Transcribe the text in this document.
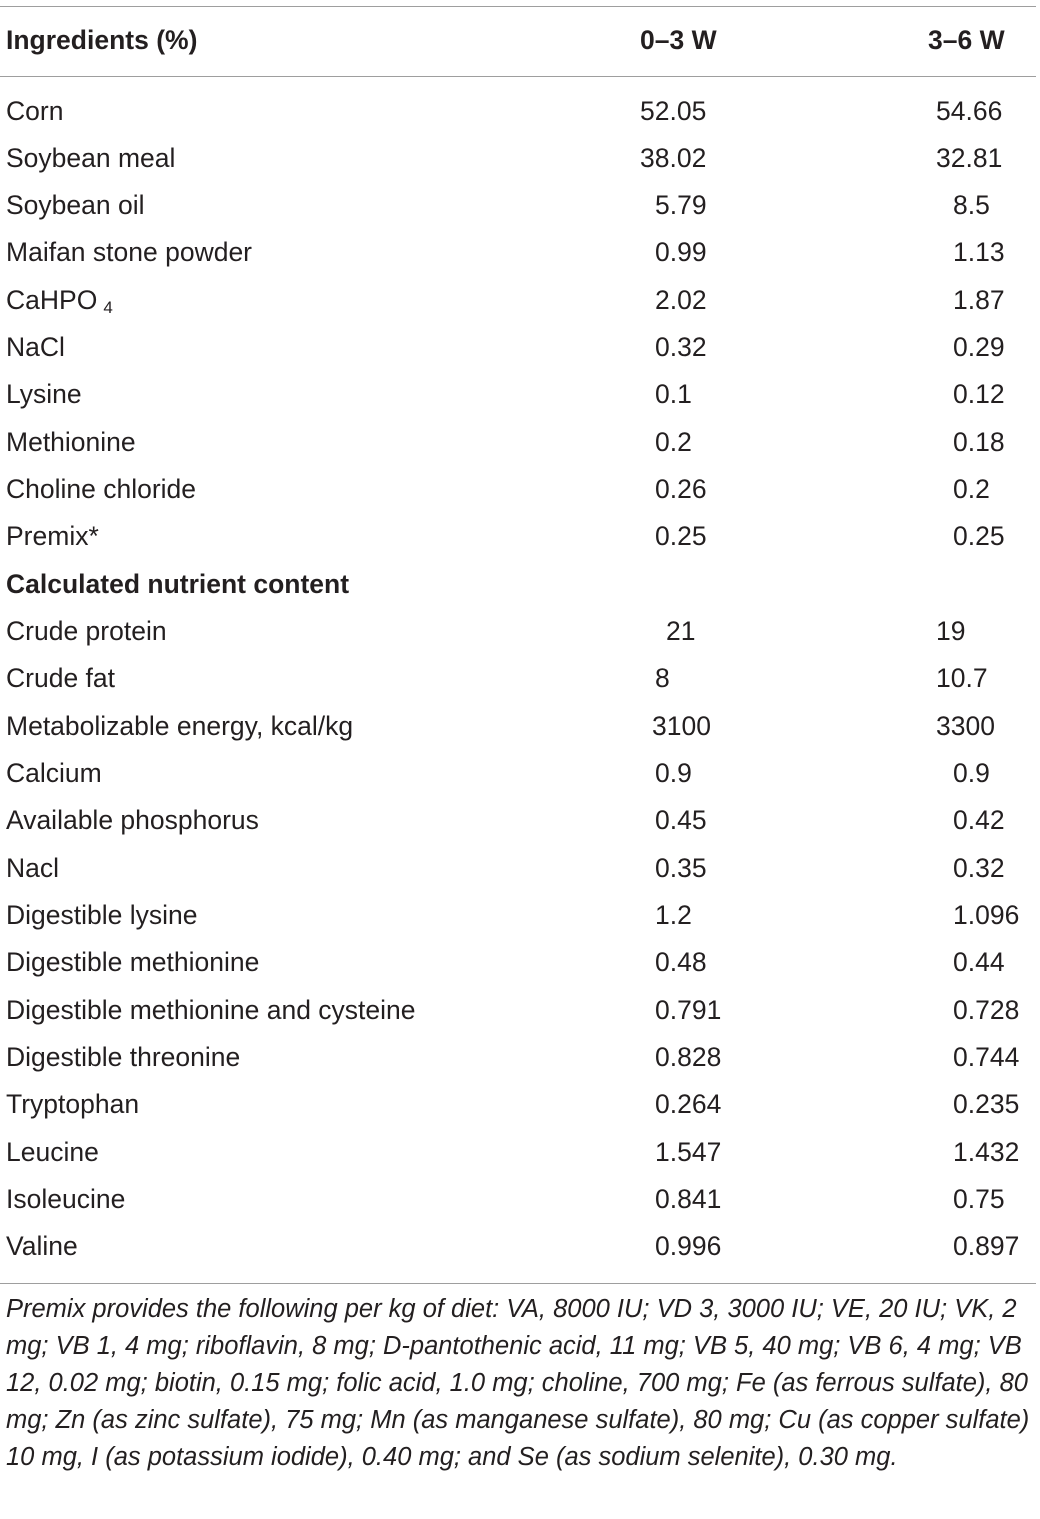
Ingredients (%)	0–3 W	3–6 W
Corn	52.05	54.66
Soybean meal	38.02	32.81
Soybean oil	5.79	8.5
Maifan stone powder	0.99	1.13
CaHPO $_4$	2.02	1.87
NaCl	0.32	0.29
Lysine	0.1	0.12
Methionine	0.2	0.18
Choline chloride	0.26	0.2
Premix*	0.25	0.25
Calculated nutrient content
Crude protein	21	19
Crude fat	8	10.7
Metabolizable energy, kcal/kg	3100	3300
Calcium	0.9	0.9
Available phosphorus	0.45	0.42
Nacl	0.35	0.32
Digestible lysine	1.2	1.096
Digestible methionine	0.48	0.44
Digestible methionine and cysteine	0.791	0.728
Digestible threonine	0.828	0.744
Tryptophan	0.264	0.235
Leucine	1.547	1.432
Isoleucine	0.841	0.75
Valine	0.996	0.897
Premix provides the following per kg of diet: VA, 8000 IU; VD 3, 3000 IU; VE, 20 IU; VK, 2 mg; VB 1, 4 mg; riboflavin, 8 mg; D-pantothenic acid, 11 mg; VB 5, 40 mg; VB 6, 4 mg; VB 12, 0.02 mg; biotin, 0.15 mg; folic acid, 1.0 mg; choline, 700 mg; Fe (as ferrous sulfate), 80 mg; Zn (as zinc sulfate), 75 mg; Mn (as manganese sulfate), 80 mg; Cu (as copper sulfate) 10 mg, I (as potassium iodide), 0.40 mg; and Se (as sodium selenite), 0.30 mg.
